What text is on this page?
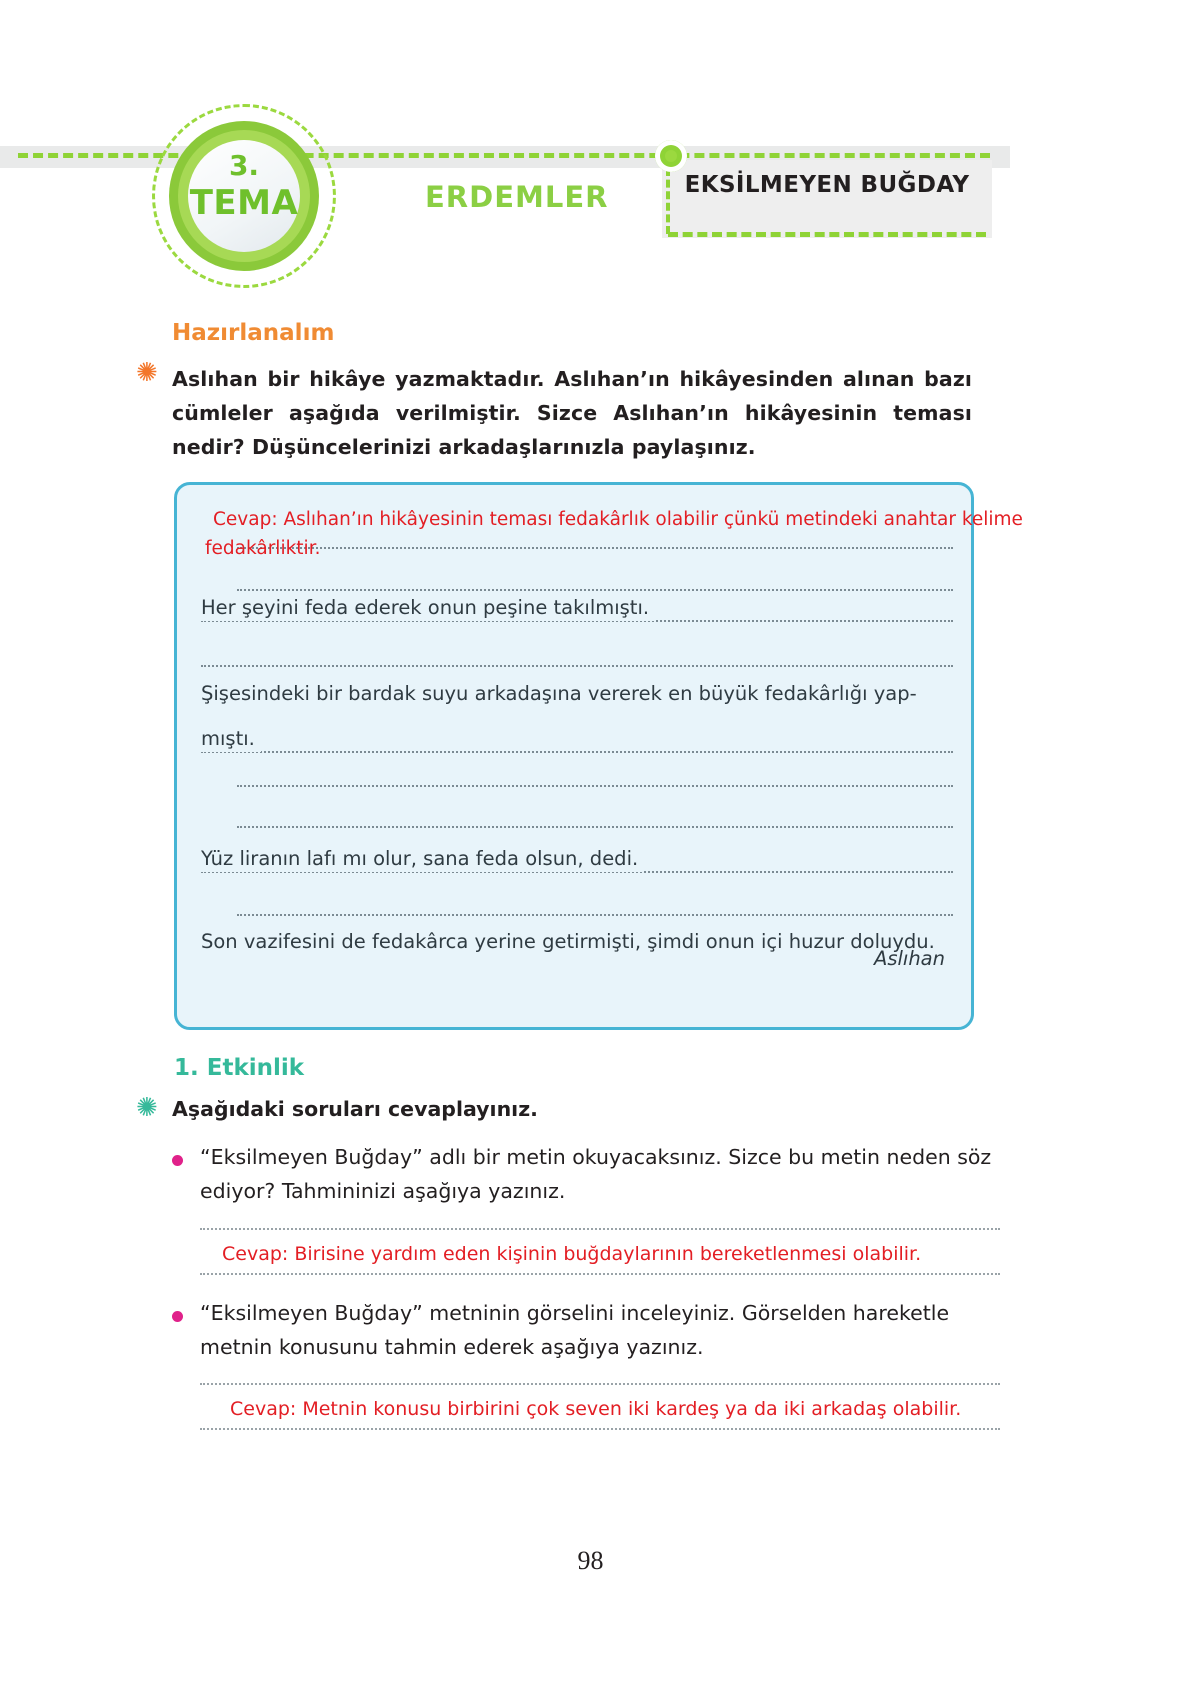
EKSİLMEYEN BUĞDAY
3.
TEMA	ERDEMLER
Hazırlanalım
✺ Aslıhan bir hikâye yazmaktadır. Aslıhan’ın hikâyesinden alınan bazı cümleler aşağıda verilmiştir. Sizce Aslıhan’ın hikâyesinin teması nedir? Düşüncelerinizi arkadaşlarınızla paylaşınız.
Cevap: Aslıhan’ın hikâyesinin teması fedakârlık olabilir çünkü metindeki anahtar kelime
fedakârliktir.
Her şeyini feda ederek onun peşine takılmıştı.
Şişesindeki bir bardak suyu arkadaşına vererek en büyük fedakârlığı yap-
mıştı.
Yüz liranın lafı mı olur, sana feda olsun, dedi.
Son vazifesini de fedakârca yerine getirmişti, şimdi onun içi huzur doluydu.
Aslıhan
1. Etkinlik
✺ Aşağıdaki soruları cevaplayınız.
“Eksilmeyen Buğday” adlı bir metin okuyacaksınız. Sizce bu metin neden söz ediyor? Tahmininizi aşağıya yazınız.
Cevap: Birisine yardım eden kişinin buğdaylarının bereketlenmesi olabilir.
“Eksilmeyen Buğday” metninin görselini inceleyiniz. Görselden hareketle metnin konusunu tahmin ederek aşağıya yazınız.
Cevap: Metnin konusu birbirini çok seven iki kardeş ya da iki arkadaş olabilir.
98
